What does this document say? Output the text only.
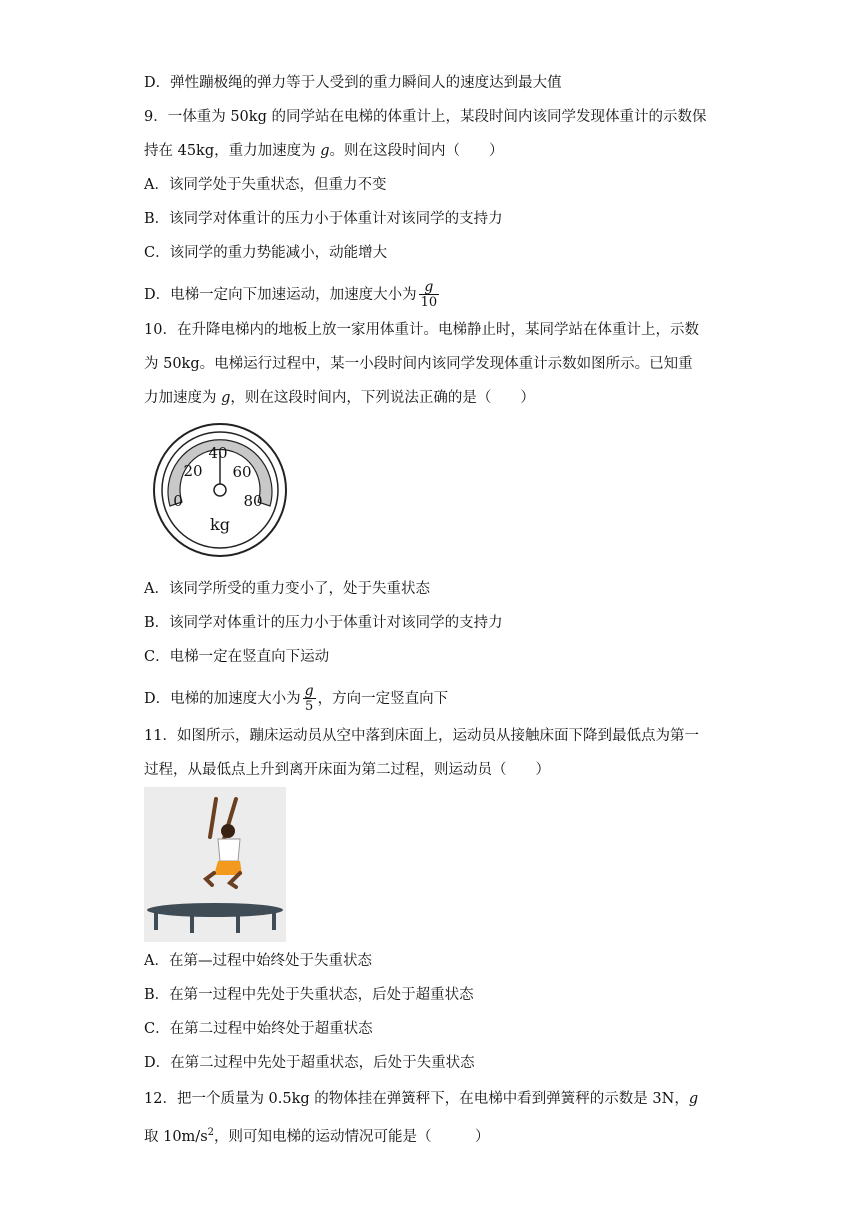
D．弹性蹦极绳的弹力等于人受到的重力瞬间人的速度达到最大值
9．一体重为 50kg 的同学站在电梯的体重计上，某段时间内该同学发现体重计的示数保
持在 45kg，重力加速度为 g。则在这段时间内（　　）
A．该同学处于失重状态，但重力不变
B．该同学对体重计的压力小于体重计对该同学的支持力
C．该同学的重力势能减小，动能增大
D．电梯一定向下加速运动，加速度大小为 $\frac{g}{10}$
10．在升降电梯内的地板上放一家用体重计。电梯静止时，某同学站在体重计上，示数
为 50kg。电梯运行过程中，某一小段时间内该同学发现体重计示数如图所示。已知重
力加速度为 g，则在这段时间内，下列说法正确的是（　　）
40
20 60
0	80
kg
A．该同学所受的重力变小了，处于失重状态
B．该同学对体重计的压力小于体重计对该同学的支持力
C．电梯一定在竖直向下运动
D．电梯的加速度大小为 $\frac{g}{5}$ ，方向一定竖直向下
11．如图所示，蹦床运动员从空中落到床面上，运动员从接触床面下降到最低点为第一
过程，从最低点上升到离开床面为第二过程，则运动员（　　）
A．在第—过程中始终处于失重状态
B．在第一过程中先处于失重状态，后处于超重状态
C．在第二过程中始终处于超重状态
D．在第二过程中先处于超重状态，后处于失重状态
12．把一个质量为 0.5kg 的物体挂在弹簧秤下，在电梯中看到弹簧秤的示数是 3N，g
取 $10m/s^2$，则可知电梯的运动情况可能是（　　　）
